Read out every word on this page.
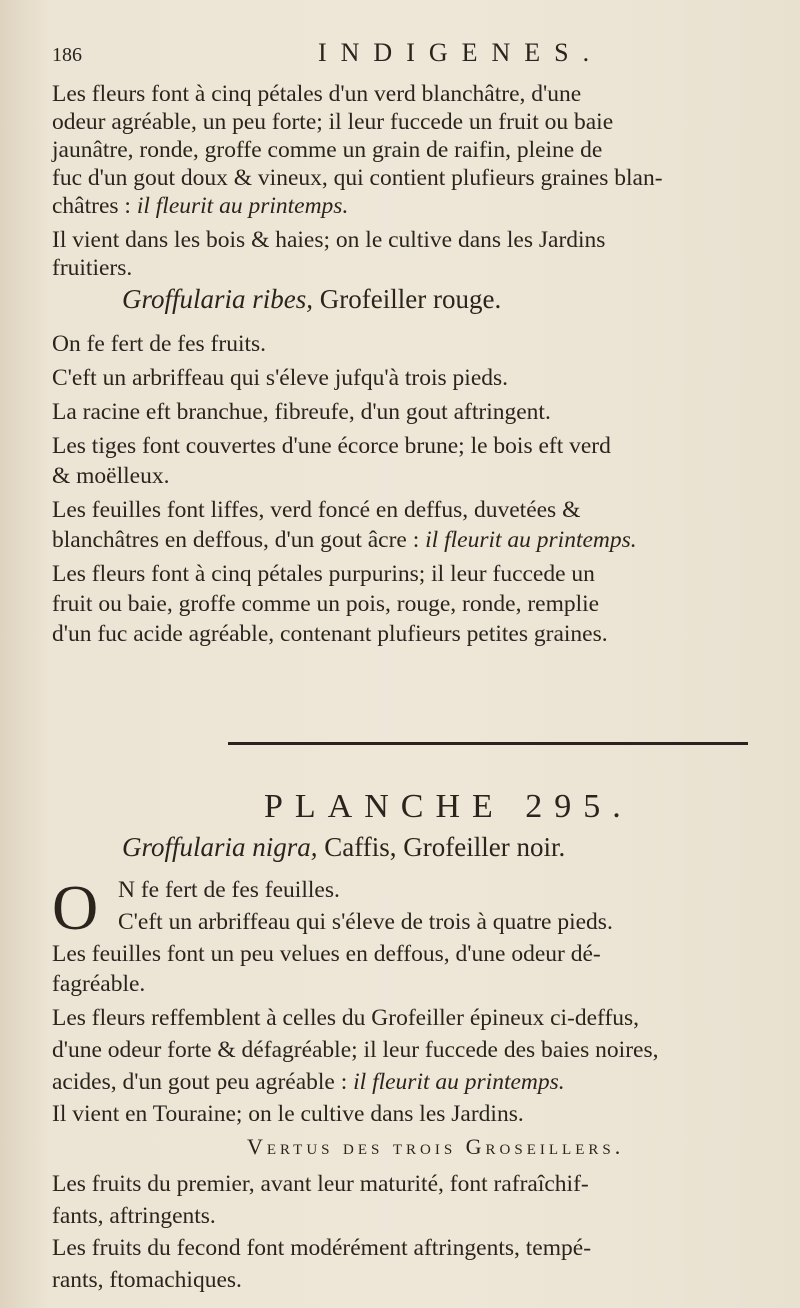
186	INDIGENES.
Les fleurs font à cinq pétales d'un verd blanchâtre, d'une
odeur agréable, un peu forte; il leur fuccede un fruit ou baie
jaunâtre, ronde, groffe comme un grain de raifin, pleine de
fuc d'un gout doux & vineux, qui contient plufieurs graines blan-
châtres : il fleurit au printemps.
Il vient dans les bois & haies; on le cultive dans les Jardins
fruitiers.
Groffularia ribes, Grofeiller rouge.
On fe fert de fes fruits.
C'eft un arbriffeau qui s'éleve jufqu'à trois pieds.
La racine eft branchue, fibreufe, d'un gout aftringent.
Les tiges font couvertes d'une écorce brune; le bois eft verd
& moëlleux.
Les feuilles font liffes, verd foncé en deffus, duvetées &
blanchâtres en deffous, d'un gout âcre : il fleurit au printemps.
Les fleurs font à cinq pétales purpurins; il leur fuccede un
fruit ou baie, groffe comme un pois, rouge, ronde, remplie
d'un fuc acide agréable, contenant plufieurs petites graines.
PLANCHE 295.
Groffularia nigra, Caffis, Grofeiller noir.
O N fe fert de fes feuilles.
C'eft un arbriffeau qui s'éleve de trois à quatre pieds.
Les feuilles font un peu velues en deffous, d'une odeur dé-
fagréable.
Les fleurs reffemblent à celles du Grofeiller épineux ci-deffus,
d'une odeur forte & défagréable; il leur fuccede des baies noires,
acides, d'un gout peu agréable : il fleurit au printemps.
Il vient en Touraine; on le cultive dans les Jardins.
Vertus des trois Groseillers.
Les fruits du premier, avant leur maturité, font rafraîchif-
fants, aftringents.
Les fruits du fecond font modérément aftringents, tempé-
rants, ftomachiques.
